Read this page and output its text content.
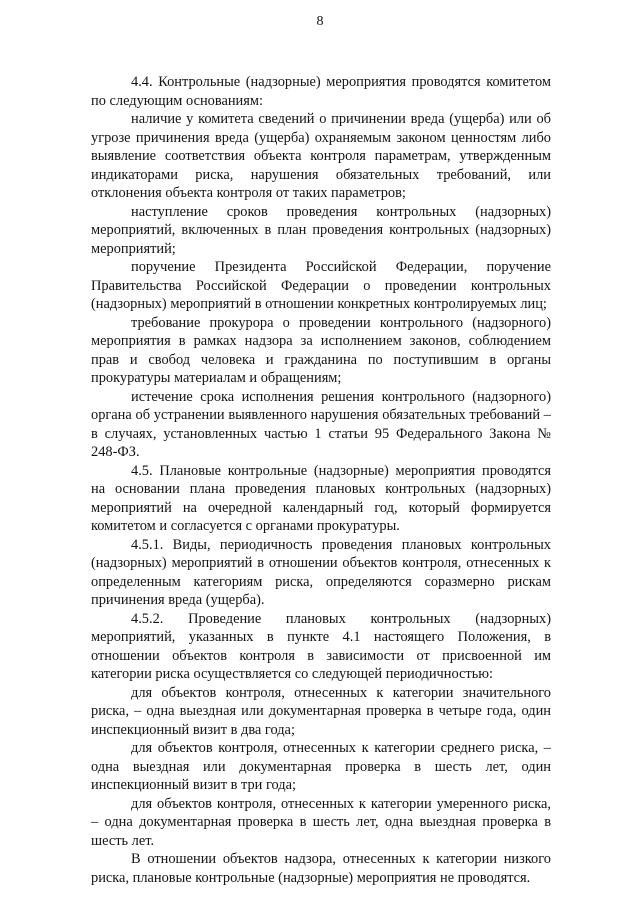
8

4.4. Контрольные (надзорные) мероприятия проводятся комитетом по следующим основаниям:

наличие у комитета сведений о причинении вреда (ущерба) или об угрозе причинения вреда (ущерба) охраняемым законом ценностям либо выявление соответствия объекта контроля параметрам, утвержденным индикаторами риска, нарушения обязательных требований, или отклонения объекта контроля от таких параметров;

наступление сроков проведения контрольных (надзорных) мероприятий, включенных в план проведения контрольных (надзорных) мероприятий;

поручение Президента Российской Федерации, поручение Правительства Российской Федерации о проведении контрольных (надзорных) мероприятий в отношении конкретных контролируемых лиц;

требование прокурора о проведении контрольного (надзорного) мероприятия в рамках надзора за исполнением законов, соблюдением прав и свобод человека и гражданина по поступившим в органы прокуратуры материалам и обращениям;

истечение срока исполнения решения контрольного (надзорного) органа об устранении выявленного нарушения обязательных требований – в случаях, установленных частью 1 статьи 95 Федерального Закона № 248-ФЗ.

4.5. Плановые контрольные (надзорные) мероприятия проводятся на основании плана проведения плановых контрольных (надзорных) мероприятий на очередной календарный год, который формируется комитетом и согласуется с органами прокуратуры.

4.5.1. Виды, периодичность проведения плановых контрольных (надзорных) мероприятий в отношении объектов контроля, отнесенных к определенным категориям риска, определяются соразмерно рискам причинения вреда (ущерба).

4.5.2. Проведение плановых контрольных (надзорных) мероприятий, указанных в пункте 4.1 настоящего Положения, в отношении объектов контроля в зависимости от присвоенной им категории риска осуществляется со следующей периодичностью:

для объектов контроля, отнесенных к категории значительного риска, – одна выездная или документарная проверка в четыре года, один инспекционный визит в два года;

для объектов контроля, отнесенных к категории среднего риска, – одна выездная или документарная проверка в шесть лет, один инспекционный визит в три года;

для объектов контроля, отнесенных к категории умеренного риска, – одна документарная проверка в шесть лет, одна выездная проверка в шесть лет.

В отношении объектов надзора, отнесенных к категории низкого риска, плановые контрольные (надзорные) мероприятия не проводятся.
